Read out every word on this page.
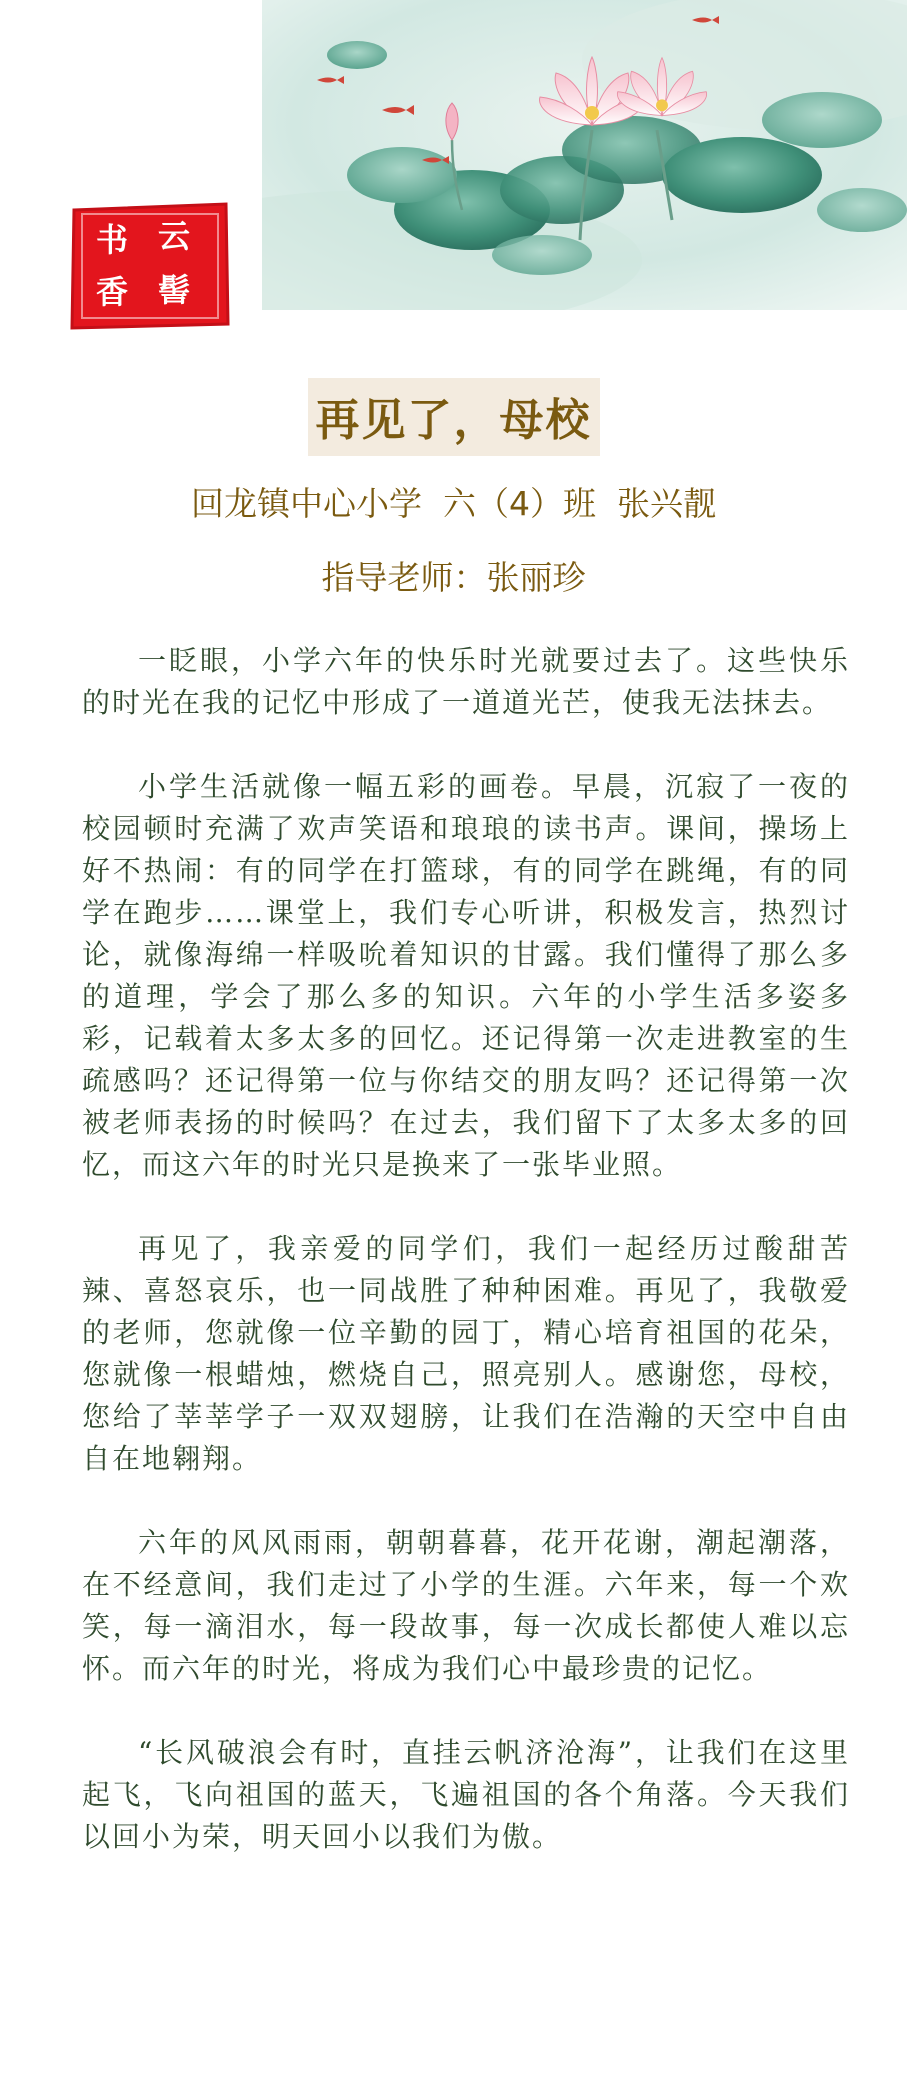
书 云
香 髻
再见了，母校
回龙镇中心小学  六（4）班  张兴靓
指导老师：张丽珍

一眨眼，小学六年的快乐时光就要过去了。这些快乐的时光在我的记忆中形成了一道道光芒，使我无法抹去。

小学生活就像一幅五彩的画卷。早晨，沉寂了一夜的校园顿时充满了欢声笑语和琅琅的读书声。课间，操场上好不热闹：有的同学在打篮球，有的同学在跳绳，有的同学在跑步……课堂上，我们专心听讲，积极发言，热烈讨论，就像海绵一样吸吮着知识的甘露。我们懂得了那么多的道理，学会了那么多的知识。六年的小学生活多姿多彩，记载着太多太多的回忆。还记得第一次走进教室的生疏感吗？还记得第一位与你结交的朋友吗？还记得第一次被老师表扬的时候吗？在过去，我们留下了太多太多的回忆，而这六年的时光只是换来了一张毕业照。

再见了，我亲爱的同学们，我们一起经历过酸甜苦辣、喜怒哀乐，也一同战胜了种种困难。再见了，我敬爱的老师，您就像一位辛勤的园丁，精心培育祖国的花朵，您就像一根蜡烛，燃烧自己，照亮别人。感谢您，母校，您给了莘莘学子一双双翅膀，让我们在浩瀚的天空中自由自在地翱翔。

六年的风风雨雨，朝朝暮暮，花开花谢，潮起潮落，在不经意间，我们走过了小学的生涯。六年来，每一个欢笑，每一滴泪水，每一段故事，每一次成长都使人难以忘怀。而六年的时光，将成为我们心中最珍贵的记忆。

“长风破浪会有时，直挂云帆济沧海”，让我们在这里起飞，飞向祖国的蓝天，飞遍祖国的各个角落。今天我们以回小为荣，明天回小以我们为傲。
